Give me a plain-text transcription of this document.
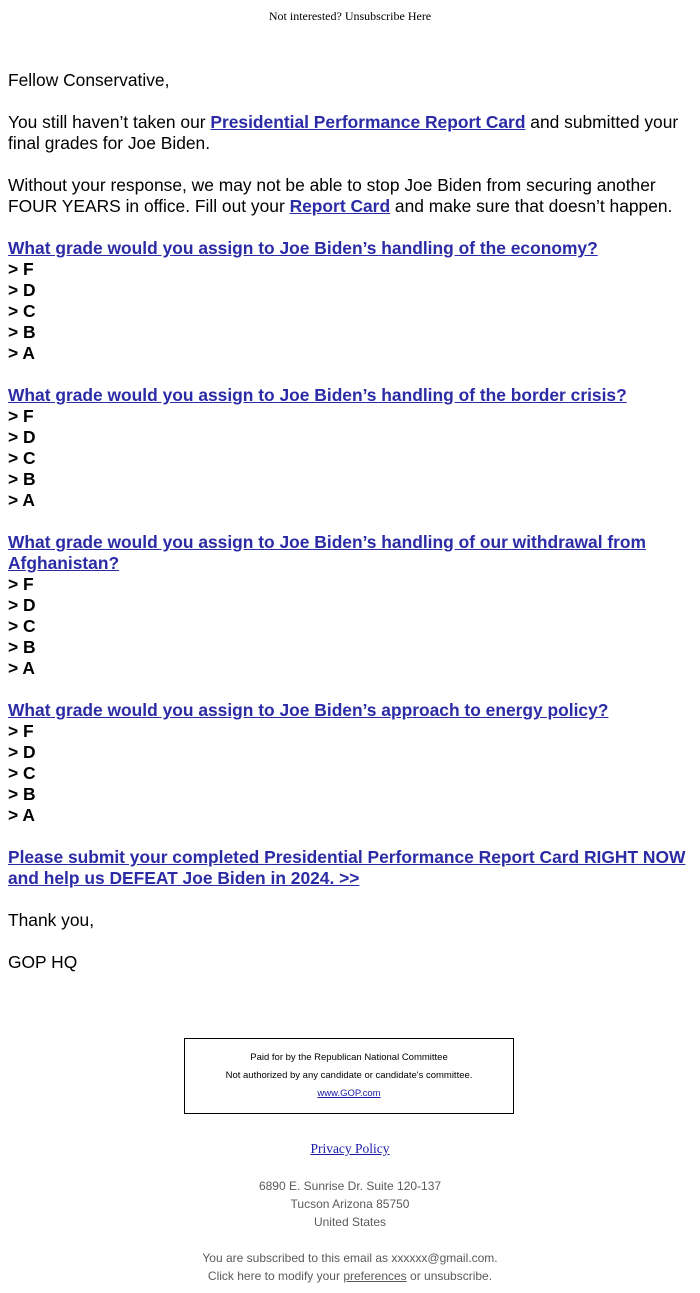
Not interested? Unsubscribe Here

Fellow Conservative,

You still haven’t taken our Presidential Performance Report Card and submitted your final grades for Joe Biden.

Without your response, we may not be able to stop Joe Biden from securing another FOUR YEARS in office. Fill out your Report Card and make sure that doesn’t happen.

What grade would you assign to Joe Biden’s handling of the economy?
> F
> D
> C
> B
> A
What grade would you assign to Joe Biden’s handling of the border crisis?
> F
> D
> C
> B
> A
What grade would you assign to Joe Biden’s handling of our withdrawal from Afghanistan?
> F
> D
> C
> B
> A
What grade would you assign to Joe Biden’s approach to energy policy?
> F
> D
> C
> B
> A
Please submit your completed Presidential Performance Report Card RIGHT NOW and help us DEFEAT Joe Biden in 2024. >>

Thank you,

GOP HQ

Paid for by the Republican National Committee
Not authorized by any candidate or candidate's committee.
www.GOP.com
Privacy Policy
6890 E. Sunrise Dr. Suite 120-137
Tucson Arizona 85750
United States
You are subscribed to this email as xxxxxx@gmail.com.
Click here to modify your preferences or unsubscribe.
